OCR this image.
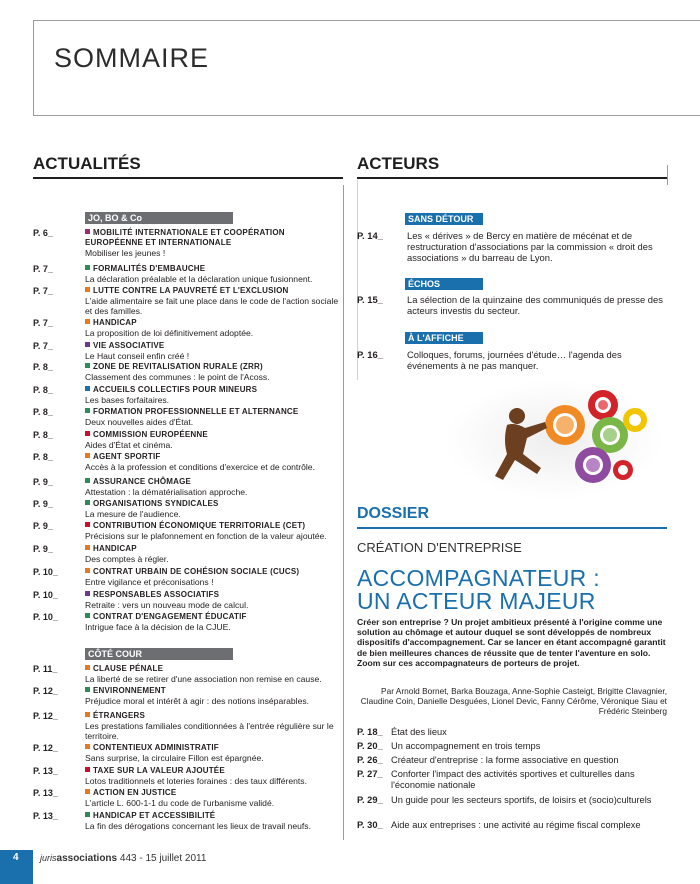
SOMMAIRE
ACTUALITÉS
JO, BO & Co
P. 6_	MOBILITÉ INTERNATIONALE ET COOPÉRATION EUROPÉENNE ET INTERNATIONALE
Mobiliser les jeunes !
P. 7_	FORMALITÉS D'EMBAUCHE
La déclaration préalable et la déclaration unique fusionnent.
P. 7_	LUTTE CONTRE LA PAUVRETÉ ET L'EXCLUSION
L'aide alimentaire se fait une place dans le code de l'action sociale et des familles.
P. 7_	HANDICAP
La proposition de loi définitivement adoptée.
P. 7_	VIE ASSOCIATIVE
Le Haut conseil enfin créé !
P. 8_	ZONE DE REVITALISATION RURALE (ZRR)
Classement des communes : le point de l'Acoss.
P. 8_	ACCUEILS COLLECTIFS POUR MINEURS
Les bases forfaitaires.
P. 8_	FORMATION PROFESSIONNELLE ET ALTERNANCE
Deux nouvelles aides d'État.
P. 8_	COMMISSION EUROPÉENNE
Aides d'État et cinéma.
P. 8_	AGENT SPORTIF
Accès à la profession et conditions d'exercice et de contrôle.
P. 9_	ASSURANCE CHÔMAGE
Attestation : la dématérialisation approche.
P. 9_	ORGANISATIONS SYNDICALES
La mesure de l'audience.
P. 9_	CONTRIBUTION ÉCONOMIQUE TERRITORIALE (CET)
Précisions sur le plafonnement en fonction de la valeur ajoutée.
P. 9_	HANDICAP
Des comptes à régler.
P. 10_	CONTRAT URBAIN DE COHÉSION SOCIALE (CUCS)
Entre vigilance et préconisations !
P. 10_	RESPONSABLES ASSOCIATIFS
Retraite : vers un nouveau mode de calcul.
P. 10_	CONTRAT D'ENGAGEMENT ÉDUCATIF
Intrigue face à la décision de la CJUE.
CÔTÉ COUR
P. 11_	CLAUSE PÉNALE
La liberté de se retirer d'une association non remise en cause.
P. 12_	ENVIRONNEMENT
Préjudice moral et intérêt à agir : des notions inséparables.
P. 12_	ÉTRANGERS
Les prestations familiales conditionnées à l'entrée régulière sur le territoire.
P. 12_	CONTENTIEUX ADMINISTRATIF
Sans surprise, la circulaire Fillon est épargnée.
P. 13_	TAXE SUR LA VALEUR AJOUTÉE
Lotos traditionnels et loteries foraines : des taux différents.
P. 13_	ACTION EN JUSTICE
L'article L. 600-1-1 du code de l'urbanisme validé.
P. 13_	HANDICAP ET ACCESSIBILITÉ
La fin des dérogations concernant les lieux de travail neufs.
ACTEURS
SANS DÉTOUR
P. 14_	Les « dérives » de Bercy en matière de mécénat et de restructuration d'associations par la commission « droit des associations » du barreau de Lyon.
ÉCHOS
P. 15_	La sélection de la quinzaine des communiqués de presse des acteurs investis du secteur.
À L'AFFICHE
P. 16_	Colloques, forums, journées d'étude… l'agenda des événements à ne pas manquer.
DOSSIER
CRÉATION D'ENTREPRISE
ACCOMPAGNATEUR :
UN ACTEUR MAJEUR
Créer son entreprise ? Un projet ambitieux présenté à l'origine comme une solution au chômage et autour duquel se sont développés de nombreux dispositifs d'accompagnement. Car se lancer en étant accompagné garantit de bien meilleures chances de réussite que de tenter l'aventure en solo. Zoom sur ces accompagnateurs de porteurs de projet.
Par Arnold Bornet, Barka Bouzaga, Anne-Sophie Casteigt, Brigitte Clavagnier, Claudine Coin, Danielle Desguées, Lionel Devic, Fanny Cérôme, Véronique Siau et Frédéric Steinberg
P. 18_ État des lieux
P. 20_ Un accompagnement en trois temps
P. 26_ Créateur d'entreprise : la forme associative en question
P. 27_ Conforter l'impact des activités sportives et culturelles dans l'économie nationale
P. 29_ Un guide pour les secteurs sportifs, de loisirs et (socio)culturels
P. 30_ Aide aux entreprises : une activité au régime fiscal complexe
4	jurisassociations 443 - 15 juillet 2011
